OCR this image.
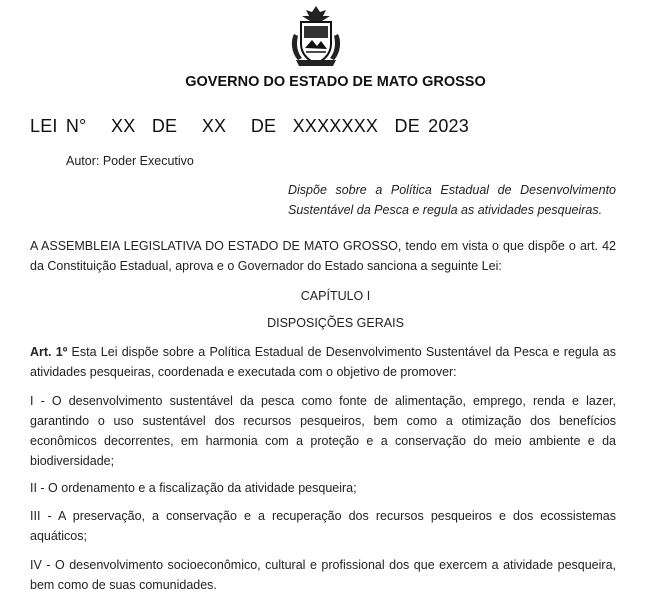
GOVERNO DO ESTADO DE MATO GROSSO
LEI N°   XX  DE   XX   DE  XXXXXXX  DE 2023
Autor: Poder Executivo
Dispõe sobre a Política Estadual de Desenvolvimento Sustentável da Pesca e regula as atividades pesqueiras.
A ASSEMBLEIA LEGISLATIVA DO ESTADO DE MATO GROSSO, tendo em vista o que dispõe o art. 42 da Constituição Estadual, aprova e o Governador do Estado sanciona a seguinte Lei:
CAPÍTULO I
DISPOSIÇÕES GERAIS
Art. 1º Esta Lei dispõe sobre a Política Estadual de Desenvolvimento Sustentável da Pesca e regula as atividades pesqueiras, coordenada e executada com o objetivo de promover:
I - O desenvolvimento sustentável da pesca como fonte de alimentação, emprego, renda e lazer, garantindo o uso sustentável dos recursos pesqueiros, bem como a otimização dos benefícios econômicos decorrentes, em harmonia com a proteção e a conservação do meio ambiente e da biodiversidade;
II - O ordenamento e a fiscalização da atividade pesqueira;
III - A preservação, a conservação e a recuperação dos recursos pesqueiros e dos ecossistemas aquáticos;
IV - O desenvolvimento socioeconômico, cultural e profissional dos que exercem a atividade pesqueira, bem como de suas comunidades.
